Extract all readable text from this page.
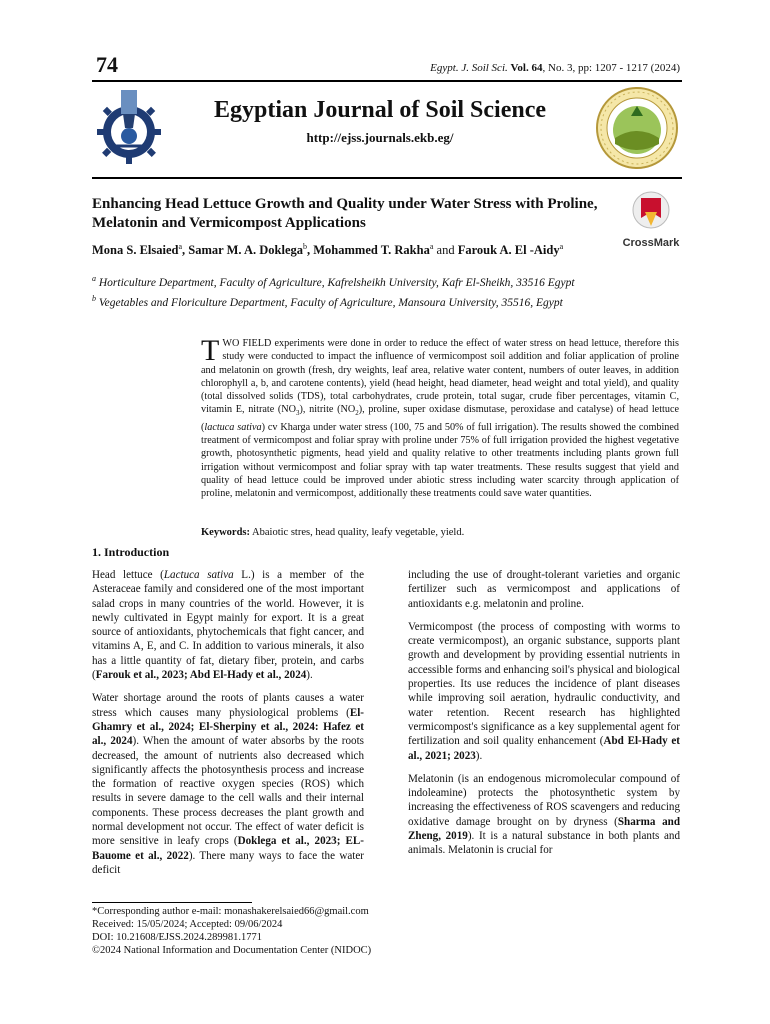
74	Egypt. J. Soil Sci. Vol. 64, No. 3, pp: 1207 - 1217 (2024)
Egyptian Journal of Soil Science
http://ejss.journals.ekb.eg/
Enhancing Head Lettuce Growth and Quality under Water Stress with Proline, Melatonin and Vermicompost Applications
CrossMark
Mona S. Elsaied$^a$, Samar M. A. Doklega$^b$, Mohammed T. Rakha$^a$ and Farouk A. El -Aidy$^a$
$^a$ Horticulture Department, Faculty of Agriculture, Kafrelsheikh University, Kafr El-Sheikh, 33516 Egypt
$^b$ Vegetables and Floriculture Department, Faculty of Agriculture, Mansoura University, 35516, Egypt
TWO FIELD experiments were done in order to reduce the effect of water stress on head lettuce, therefore this study were conducted to impact the influence of vermicompost soil addition and foliar application of proline and melatonin on growth (fresh, dry weights, leaf area, relative water content, numbers of outer leaves, in addition chlorophyll a, b, and carotene contents), yield (head height, head diameter, head weight and total yield), and quality (total dissolved solids (TDS), total carbohydrates, crude protein, total sugar, crude fiber percentages, vitamin C, vitamin E, nitrate $(NO_3)$, nitrite $(NO_2)$, proline, super oxidase dismutase, peroxidase and catalyse) of head lettuce (lactuca sativa) cv Kharga under water stress (100, 75 and 50% of full irrigation). The results showed the combined treatment of vermicompost and foliar spray with proline under 75% of full irrigation provided the highest vegetative growth, photosynthetic pigments, head yield and quality relative to other treatments including plants grown full irrigation without vermicompost and foliar spray with tap water treatments. These results suggest that yield and quality of head lettuce could be improved under abiotic stress including water scarcity through application of proline, melatonin and vermicompost, additionally these treatments could save water quantities.
Keywords: Abaiotic stres, head quality, leafy vegetable, yield.
1. Introduction

Head lettuce (Lactuca sativa L.) is a member of the Asteraceae family and considered one of the most important salad crops in many countries of the world. However, it is newly cultivated in Egypt mainly for export. It is a great source of antioxidants, phytochemicals that fight cancer, and vitamins A, E, and C. In addition to various minerals, it also has a little quantity of fat, dietary fiber, protein, and carbs (Farouk et al., 2023; Abd El-Hady et al., 2024).

Water shortage around the roots of plants causes a water stress which causes many physiological problems (El-Ghamry et al., 2024; El-Sherpiny et al., 2024: Hafez et al., 2024). When the amount of water absorbs by the roots decreased, the amount of nutrients also decreased which significantly affects the photosynthesis process and increase the formation of reactive oxygen species (ROS) which results in severe damage to the cell walls and their internal components. These process decreases the plant growth and normal development not occur. The effect of water deficit is more sensitive in leafy crops (Doklega et al., 2023; EL-Bauome et al., 2022). There many ways to face the water deficit

including the use of drought-tolerant varieties and organic fertilizer such as vermicompost and applications of antioxidants e.g. melatonin and proline.

Vermicompost (the process of composting with worms to create vermicompost), an organic substance, supports plant growth and development by providing essential nutrients in accessible forms and enhancing soil's physical and biological properties. Its use reduces the incidence of plant diseases while improving soil aeration, hydraulic conductivity, and water retention. Recent research has highlighted vermicompost's significance as a key supplemental agent for fertilization and soil quality enhancement (Abd El-Hady et al., 2021; 2023).

Melatonin (is an endogenous micromolecular compound of indoleamine) protects the photosynthetic system by increasing the effectiveness of ROS scavengers and reducing oxidative damage brought on by dryness (Sharma and Zheng, 2019). It is a natural substance in both plants and animals. Melatonin is crucial for

*Corresponding author e-mail: monashakerelsaied66@gmail.com
Received: 15/05/2024; Accepted: 09/06/2024
DOI: 10.21608/EJSS.2024.289981.1771
©2024 National Information and Documentation Center (NIDOC)
